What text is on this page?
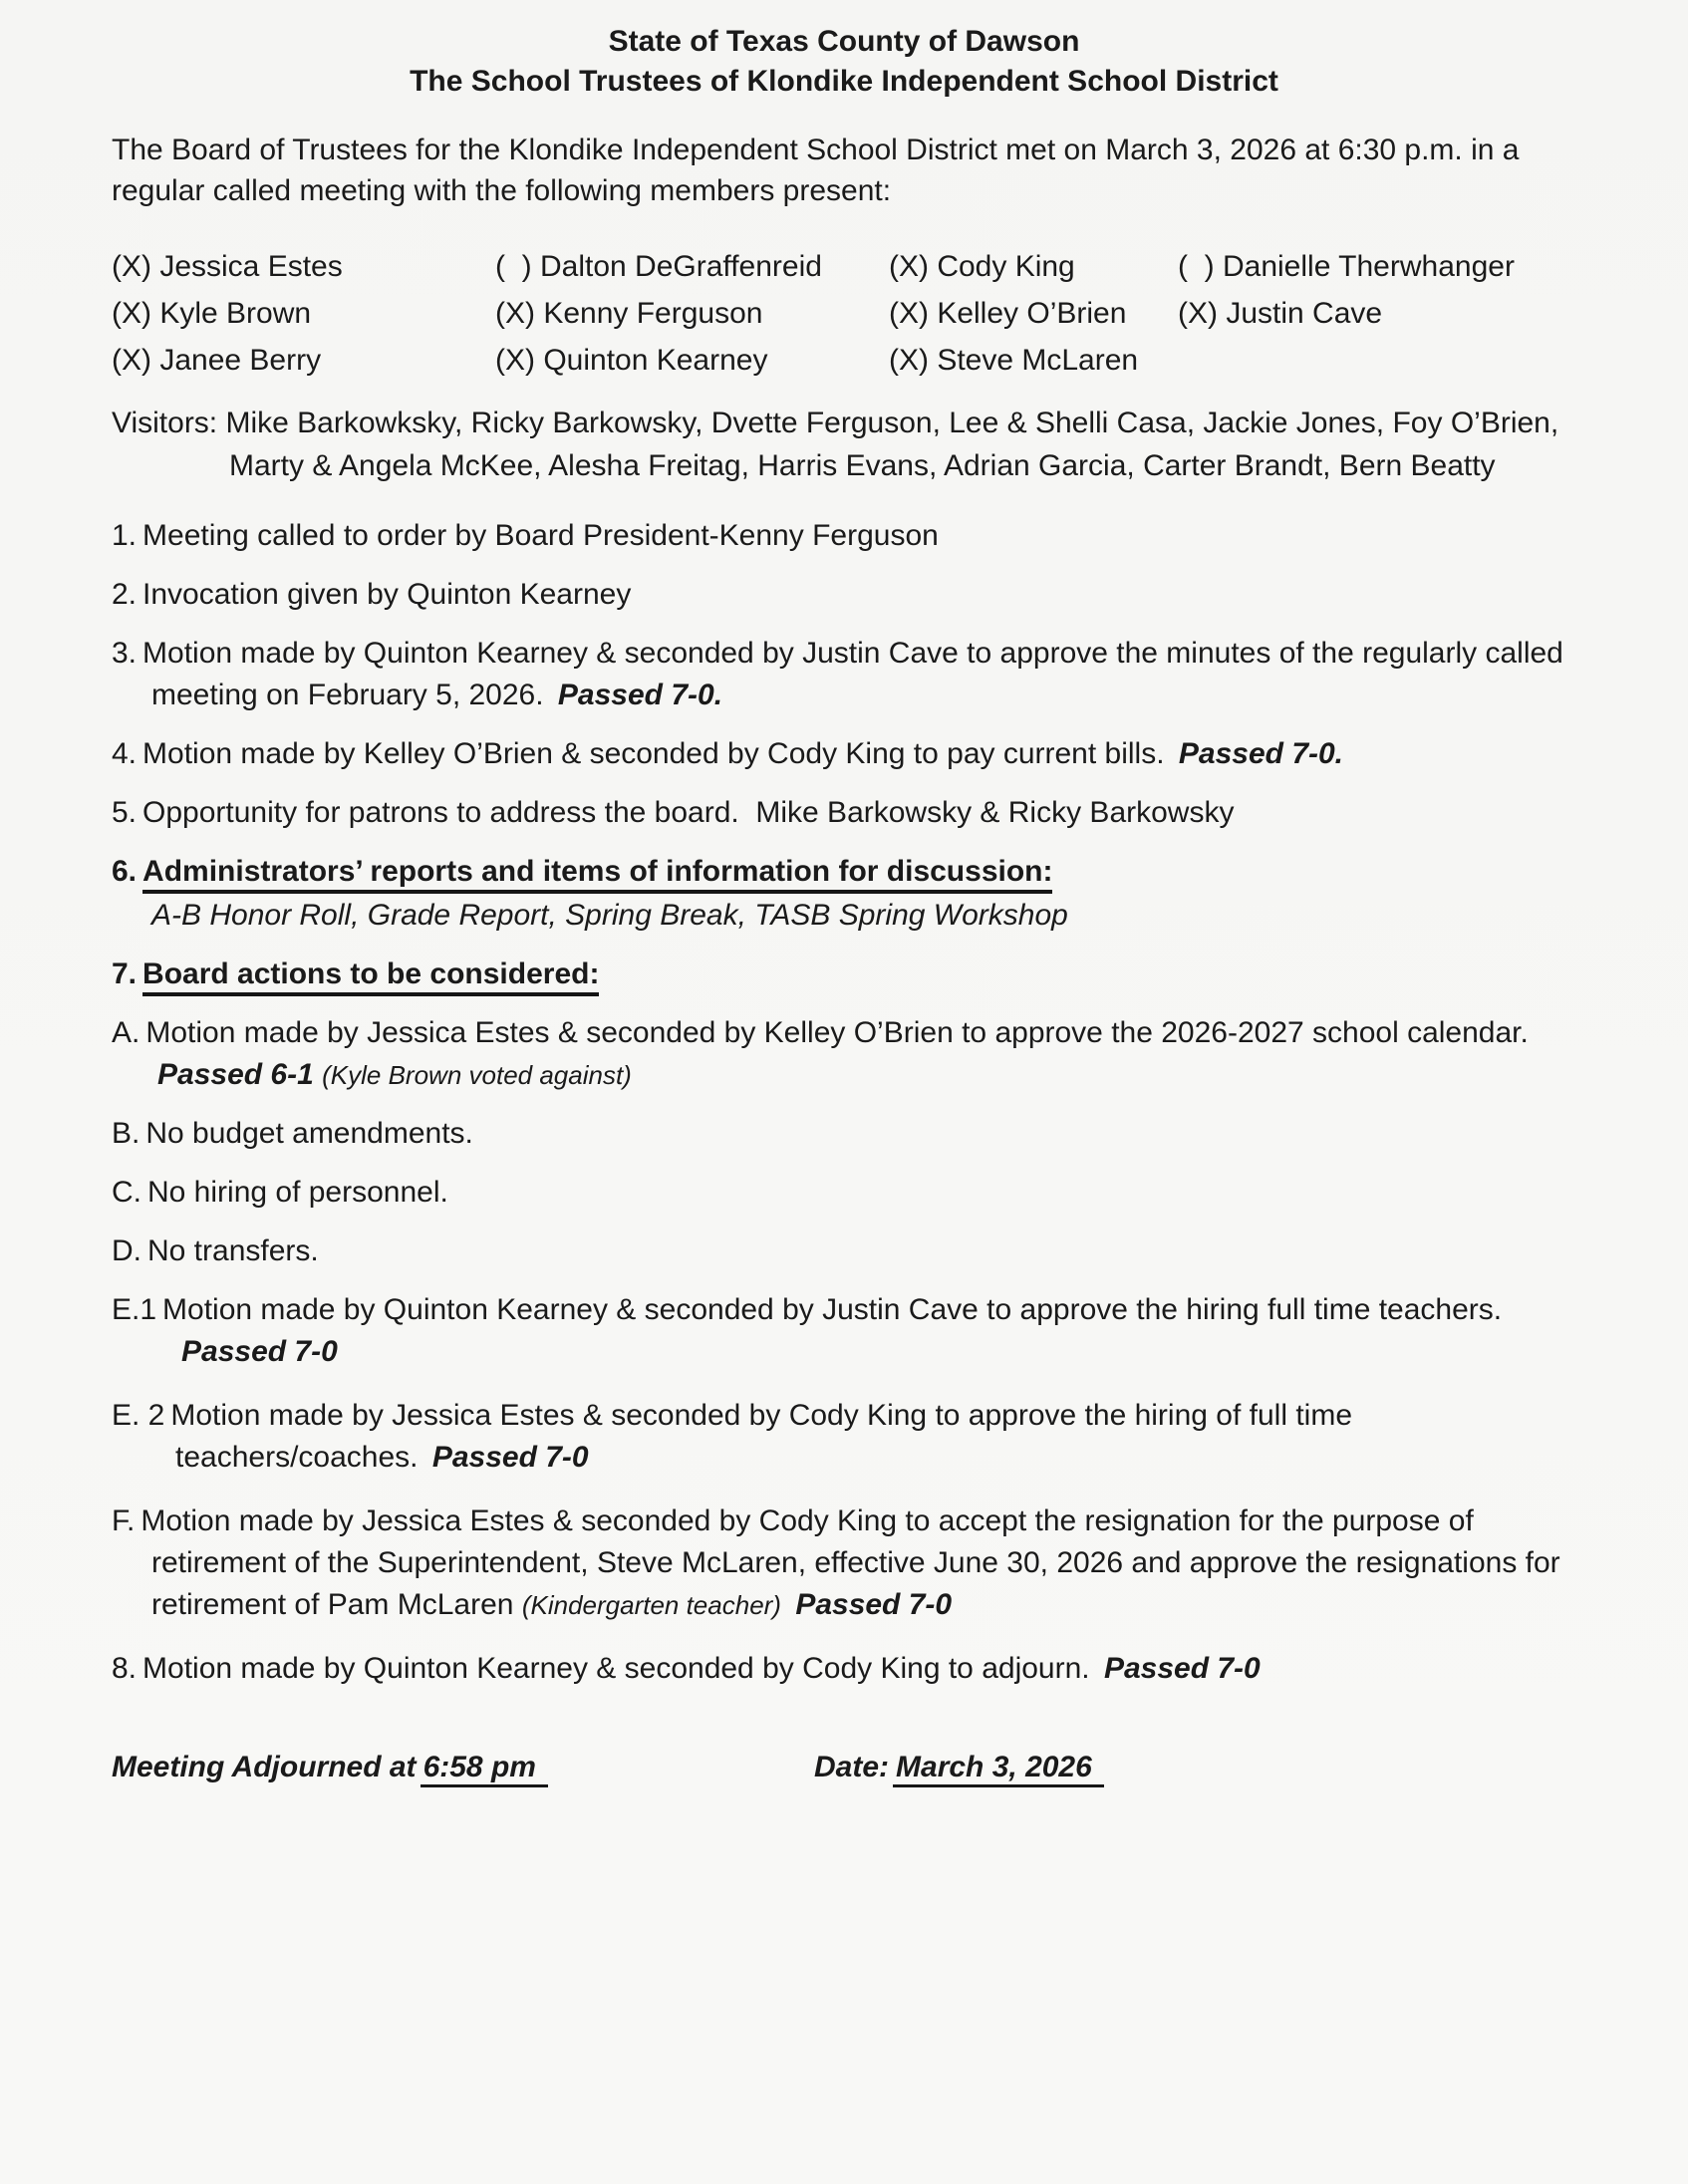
State of Texas County of Dawson
The School Trustees of Klondike Independent School District

The Board of Trustees for the Klondike Independent School District met on March 3, 2026 at 6:30 p.m. in a regular called meeting with the following members present:

(X) Jessica Estes	(  ) Dalton DeGraffenreid	(X) Cody King	(  ) Danielle Therwhanger
(X) Kyle Brown	(X) Kenny Ferguson	(X) Kelley O’Brien	(X) Justin Cave
(X) Janee Berry	(X) Quinton Kearney	(X) Steve McLaren
Visitors: Mike Barkowksky, Ricky Barkowsky, Dvette Ferguson, Lee & Shelli Casa, Jackie Jones, Foy O’Brien, Marty & Angela McKee, Alesha Freitag, Harris Evans, Adrian Garcia, Carter Brandt, Bern Beatty
1. Meeting called to order by Board President-Kenny Ferguson
2. Invocation given by Quinton Kearney
3. Motion made by Quinton Kearney & seconded by Justin Cave to approve the minutes of the regularly called meeting on February 5, 2026. Passed 7-0.
4. Motion made by Kelley O’Brien & seconded by Cody King to pay current bills. Passed 7-0.
5. Opportunity for patrons to address the board.  Mike Barkowsky & Ricky Barkowsky
6. Administrators’ reports and items of information for discussion:
A-B Honor Roll, Grade Report, Spring Break, TASB Spring Workshop
7. Board actions to be considered:
A. Motion made by Jessica Estes & seconded by Kelley O’Brien to approve the 2026-2027 school calendar. Passed 6-1 (Kyle Brown voted against)
B. No budget amendments.
C. No hiring of personnel.
D. No transfers.
E.1 Motion made by Quinton Kearney & seconded by Justin Cave to approve the hiring full time teachers. Passed 7-0
E. 2 Motion made by Jessica Estes & seconded by Cody King to approve the hiring of full time teachers/coaches. Passed 7-0
F. Motion made by Jessica Estes & seconded by Cody King to accept the resignation for the purpose of retirement of the Superintendent, Steve McLaren, effective June 30, 2026 and approve the resignations for retirement of Pam McLaren (Kindergarten teacher) Passed 7-0
8. Motion made by Quinton Kearney & seconded by Cody King to adjourn. Passed 7-0
Meeting Adjourned at 6:58 pm	Date: March 3, 2026
